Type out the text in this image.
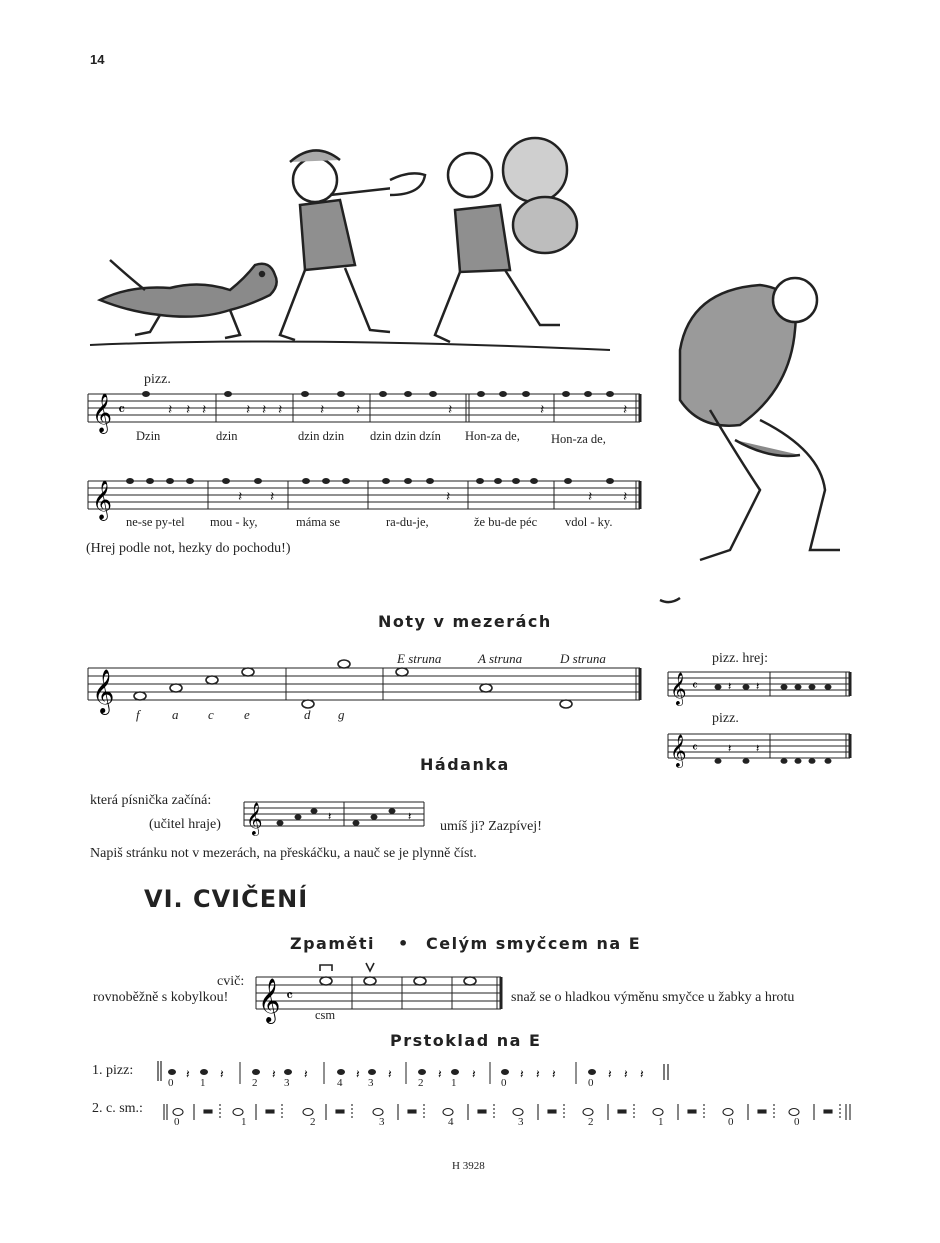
14
pizz.
𝄞 𝄴	𝄽 𝄽 𝄽	𝄽 𝄽 𝄽	𝄽 𝄽	𝄽	𝄽	𝄽
Dzin	dzin	dzin dzin dzin dzin dzín Hon-za de, Hon-za de,
𝄞	𝄽 𝄽	𝄽	𝄽 𝄽
ne-se py-tel mou - ky,	máma se	ra-du-je,	že bu-de péc vdol - ky.
(Hrej podle not, hezky do pochodu!)
Noty v mezerách
E struna	A struna	D struna
𝄞
f a c e	d g
pizz. hrej:
𝄞 𝄴	𝄽 𝄽
pizz.
𝄞 𝄴	𝄽 𝄽
Hádanka
která písnička začíná:
(učitel hraje) 𝄞	𝄽	𝄽
umíš ji? Zazpívej!
Napiš stránku not v mezerách, na přeskáčku, a nauč se je plynně číst.
VI. CVIČENÍ
Zpaměti • Celým smyčcem na E
cvič:
rovnoběžně s kobylkou! 𝄞 𝄴
csm
snaž se o hladkou výměnu smyčce u žabky a hrotu
Prstoklad na E
1. pizz:	𝄽	𝄽	𝄽 𝄽	𝄽 𝄽	𝄽	𝄽	𝄽 𝄽 𝄽	𝄽 𝄽 𝄽
0 1	2 3	4 3	2	1	0	0
2. c. sm.:
0	1	2	3	4	3	2	1	0	0
H 3928
